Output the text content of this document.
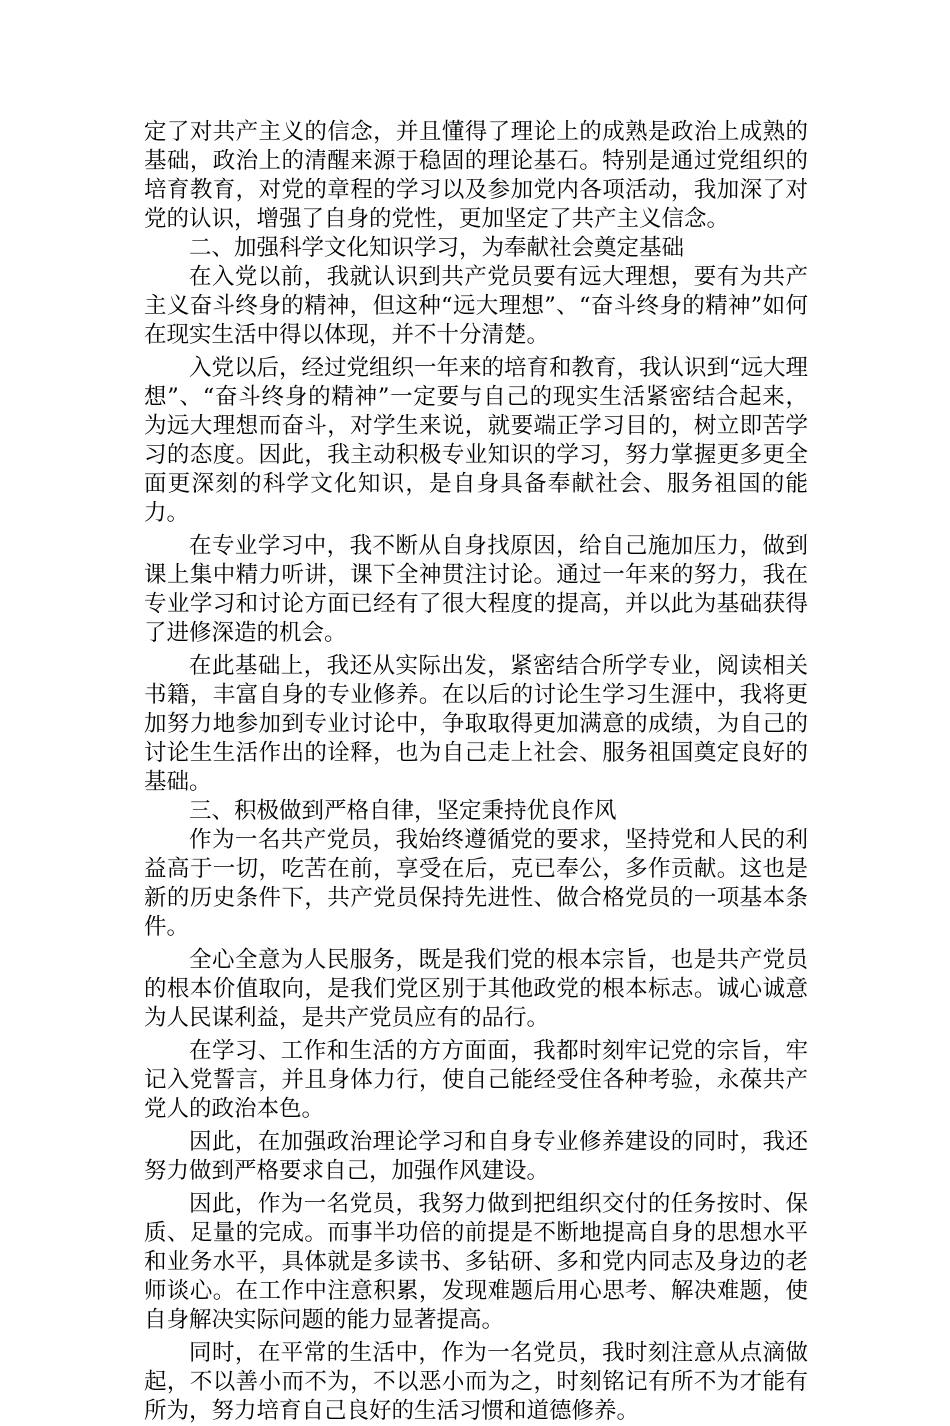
定了对共产主义的信念，并且懂得了理论上的成熟是政治上成熟的基础，政治上的清醒来源于稳固的理论基石。特别是通过党组织的培育教育，对党的章程的学习以及参加党内各项活动，我加深了对党的认识，增强了自身的党性，更加坚定了共产主义信念。

二、加强科学文化知识学习，为奉献社会奠定基础

在入党以前，我就认识到共产党员要有远大理想，要有为共产主义奋斗终身的精神，但这种“远大理想”、“奋斗终身的精神”如何在现实生活中得以体现，并不十分清楚。

入党以后，经过党组织一年来的培育和教育，我认识到“远大理想”、“奋斗终身的精神”一定要与自己的现实生活紧密结合起来，为远大理想而奋斗，对学生来说，就要端正学习目的，树立即苦学习的态度。因此，我主动积极专业知识的学习，努力掌握更多更全面更深刻的科学文化知识，是自身具备奉献社会、服务祖国的能力。

在专业学习中，我不断从自身找原因，给自己施加压力，做到课上集中精力听讲，课下全神贯注讨论。通过一年来的努力，我在专业学习和讨论方面已经有了很大程度的提高，并以此为基础获得了进修深造的机会。

在此基础上，我还从实际出发，紧密结合所学专业，阅读相关书籍，丰富自身的专业修养。在以后的讨论生学习生涯中，我将更加努力地参加到专业讨论中，争取取得更加满意的成绩，为自己的讨论生生活作出的诠释，也为自己走上社会、服务祖国奠定良好的基础。

三、积极做到严格自律，坚定秉持优良作风

作为一名共产党员，我始终遵循党的要求，坚持党和人民的利益高于一切，吃苦在前，享受在后，克已奉公，多作贡献。这也是新的历史条件下，共产党员保持先进性、做合格党员的一项基本条件。

全心全意为人民服务，既是我们党的根本宗旨，也是共产党员的根本价值取向，是我们党区别于其他政党的根本标志。诚心诚意为人民谋利益，是共产党员应有的品行。

在学习、工作和生活的方方面面，我都时刻牢记党的宗旨，牢记入党誓言，并且身体力行，使自己能经受住各种考验，永葆共产党人的政治本色。

因此，在加强政治理论学习和自身专业修养建设的同时，我还努力做到严格要求自己，加强作风建设。

因此，作为一名党员，我努力做到把组织交付的任务按时、保质、足量的完成。而事半功倍的前提是不断地提高自身的思想水平和业务水平，具体就是多读书、多钻研、多和党内同志及身边的老师谈心。在工作中注意积累，发现难题后用心思考、解决难题，使自身解决实际问题的能力显著提高。

同时，在平常的生活中，作为一名党员，我时刻注意从点滴做起，不以善小而不为，不以恶小而为之，时刻铭记有所不为才能有所为，努力培育自己良好的生活习惯和道德修养。
